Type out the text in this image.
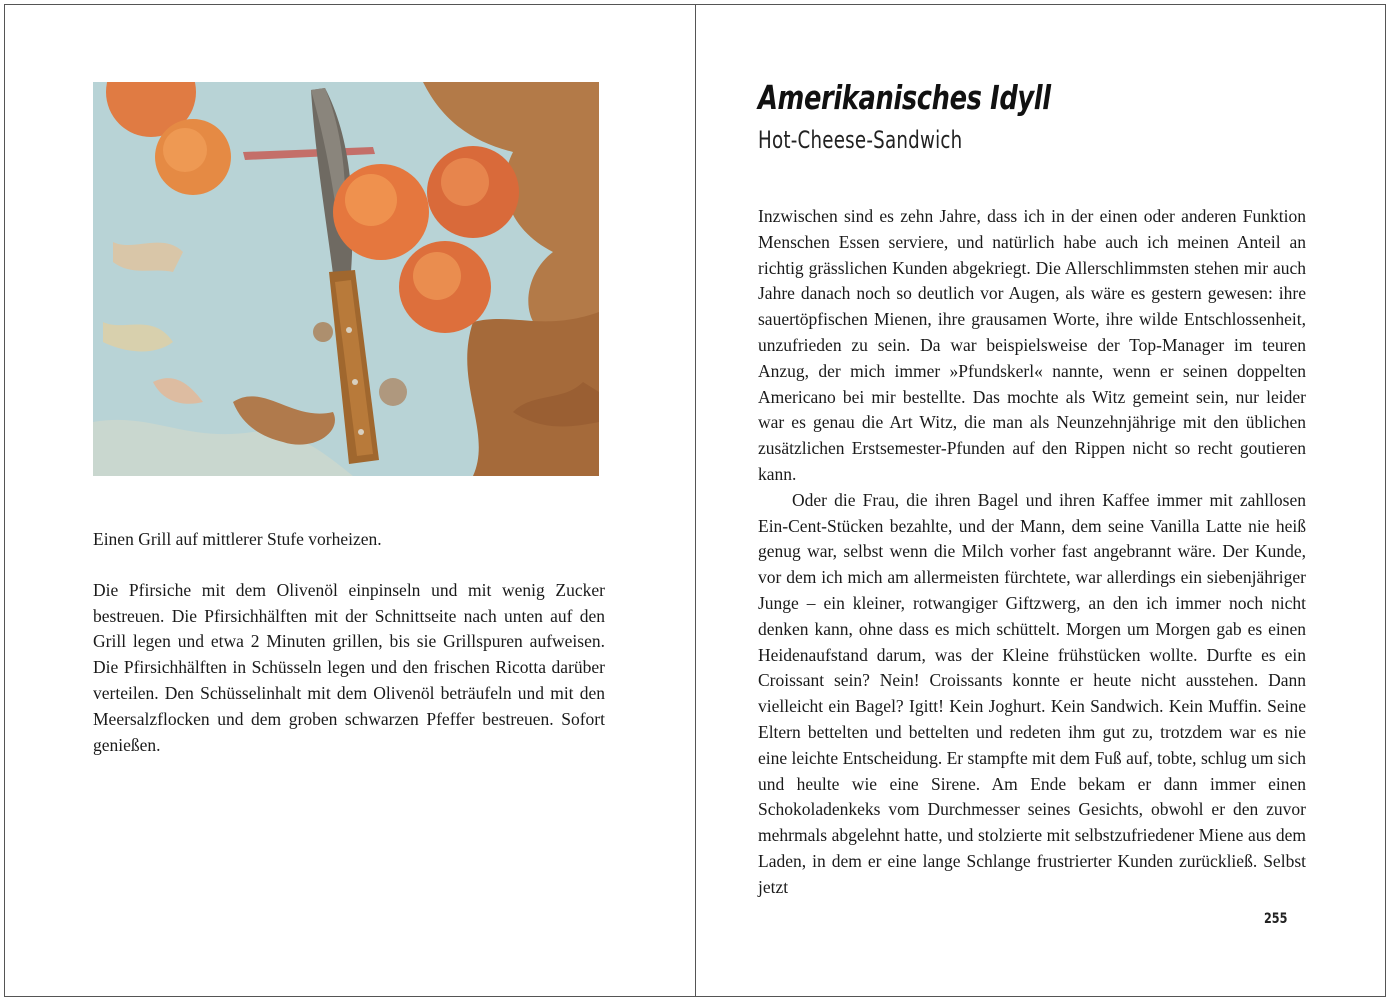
Einen Grill auf mittlerer Stufe vorheizen.

Die Pfirsiche mit dem Olivenöl einpinseln und mit wenig Zucker bestreuen. Die Pfirsichhälften mit der Schnittseite nach unten auf den Grill legen und etwa 2 Minuten grillen, bis sie Grillspuren aufweisen. Die Pfirsichhälften in Schüsseln legen und den frischen Ricotta darüber verteilen. Den Schüsselinhalt mit dem Olivenöl beträufeln und mit den Meersalzflocken und dem groben schwarzen Pfeffer bestreuen. Sofort genießen.

Amerikanisches Idyll
Hot-Cheese-Sandwich

Inzwischen sind es zehn Jahre, dass ich in der einen oder anderen Funktion Menschen Essen serviere, und natürlich habe auch ich meinen Anteil an richtig grässlichen Kunden abgekriegt. Die Allerschlimmsten stehen mir auch Jahre danach noch so deutlich vor Augen, als wäre es gestern gewesen: ihre sauertöpfischen Mienen, ihre grausamen Worte, ihre wilde Entschlossenheit, unzufrieden zu sein. Da war beispielsweise der Top-Manager im teuren Anzug, der mich immer »Pfundskerl« nannte, wenn er seinen doppelten Americano bei mir bestellte. Das mochte als Witz gemeint sein, nur leider war es genau die Art Witz, die man als Neunzehnjährige mit den üblichen zusätzlichen Erstsemester-Pfunden auf den Rippen nicht so recht goutieren kann.

Oder die Frau, die ihren Bagel und ihren Kaffee immer mit zahllosen Ein-Cent-Stücken bezahlte, und der Mann, dem seine Vanilla Latte nie heiß genug war, selbst wenn die Milch vorher fast angebrannt wäre. Der Kunde, vor dem ich mich am allermeisten fürchtete, war allerdings ein siebenjähriger Junge – ein kleiner, rotwangiger Giftzwerg, an den ich immer noch nicht denken kann, ohne dass es mich schüttelt. Morgen um Morgen gab es einen Heidenaufstand darum, was der Kleine frühstücken wollte. Durfte es ein Croissant sein? Nein! Croissants konnte er heute nicht ausstehen. Dann vielleicht ein Bagel? Igitt! Kein Joghurt. Kein Sandwich. Kein Muffin. Seine Eltern bettelten und bettelten und redeten ihm gut zu, trotzdem war es nie eine leichte Entscheidung. Er stampfte mit dem Fuß auf, tobte, schlug um sich und heulte wie eine Sirene. Am Ende bekam er dann immer einen Schokoladenkeks vom Durchmesser seines Gesichts, obwohl er den zuvor mehrmals abgelehnt hatte, und stolzierte mit selbstzufriedener Miene aus dem Laden, in dem er eine lange Schlange frustrierter Kunden zurückließ. Selbst jetzt

255
